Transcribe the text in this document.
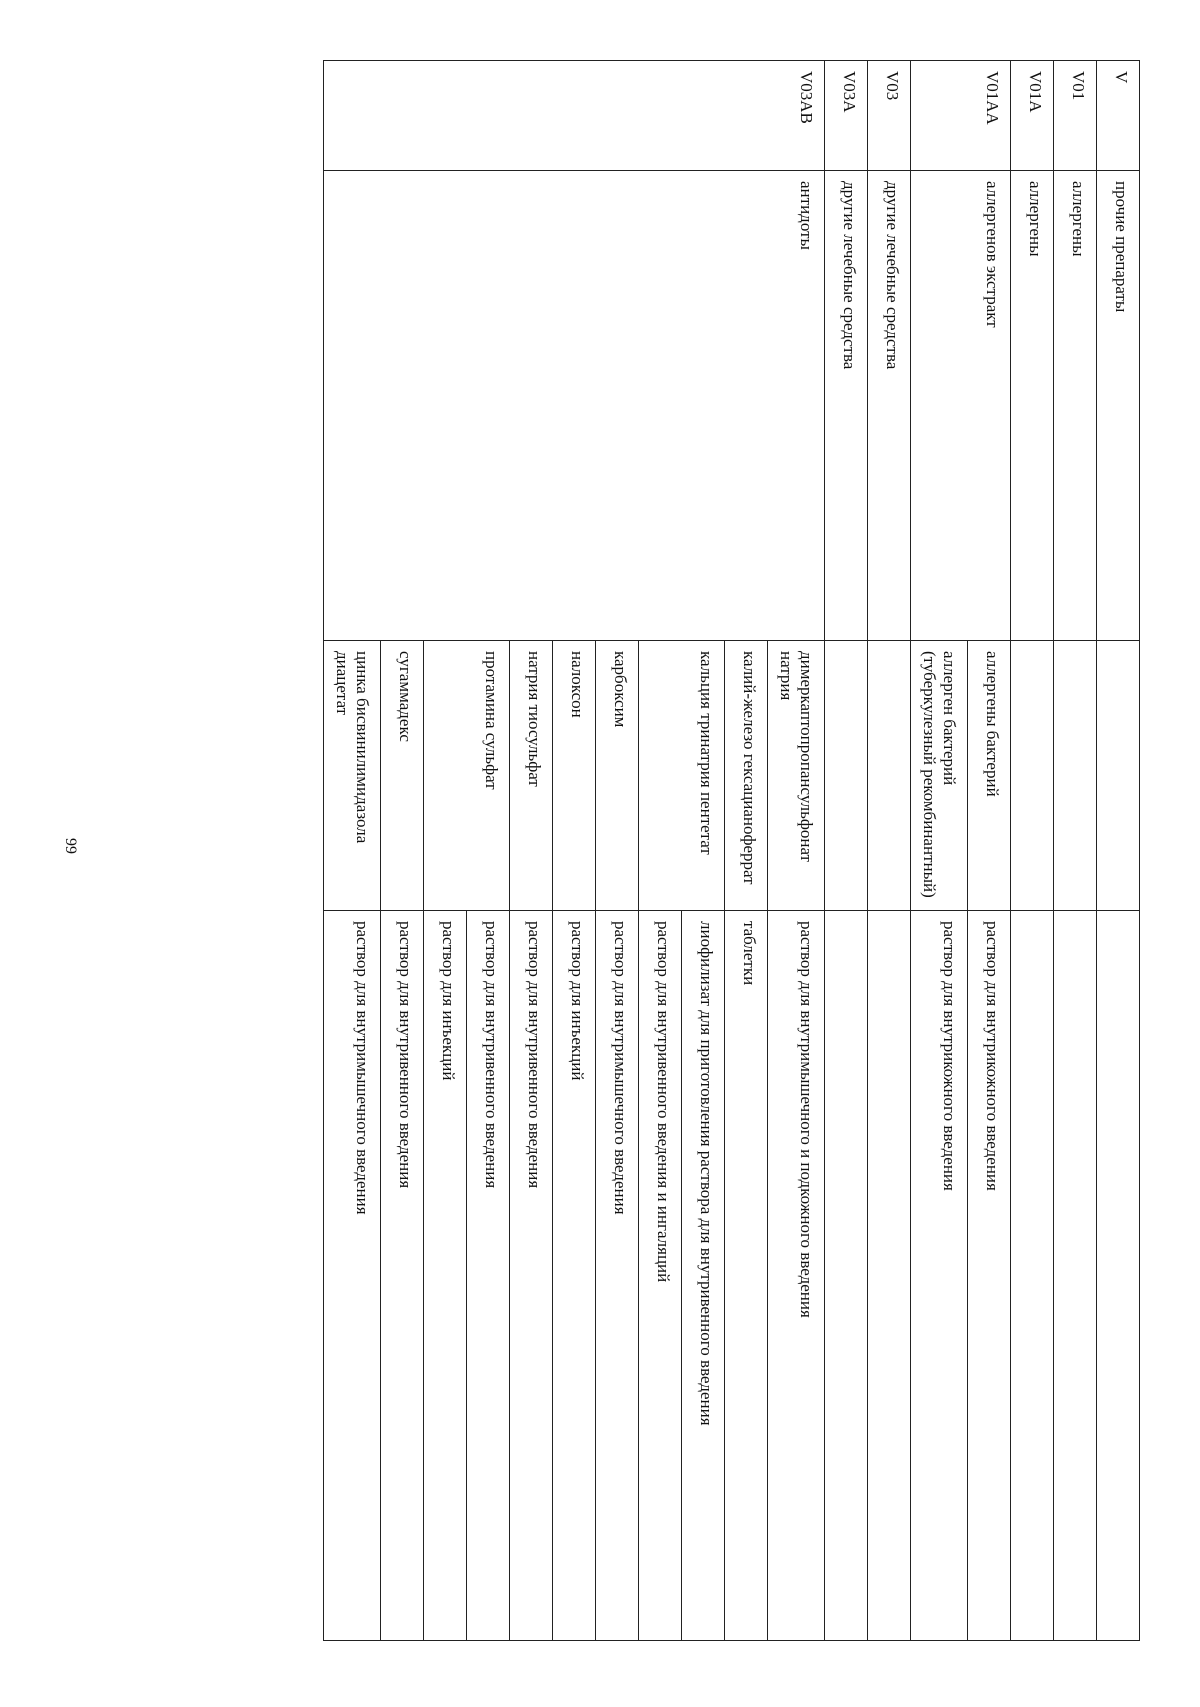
99
V	прочие препараты		
V01	аллергены		
V01A	аллергены		
V01AA	аллергенов экстракт	аллергены бактерий	раствор для внутрикожного введения
		аллерген бактерий (туберкулезный рекомбинантный)	раствор для внутрикожного введения
V03	другие лечебные средства		
V03A	другие лечебные средства		
V03AB	антидоты	димеркаптопропансульфонат натрия	раствор для внутримышечного и подкожного введения
		калий-железо гексацианоферрат	таблетки
		кальция тринатрия пентетат	лиофилизат для приготовления раствора для внутривенного введения
			раствор для внутривенного введения и ингаляций
		карбоксим	раствор для внутримышечного введения
		налоксон	раствор для инъекций
		натрия тиосульфат	раствор для внутривенного введения
		протамина сульфат	раствор для внутривенного введения
			раствор для инъекций
		сугаммадекс	раствор для внутривенного введения
		цинка бисвинилимидазола диацетат	раствор для внутримышечного введения
